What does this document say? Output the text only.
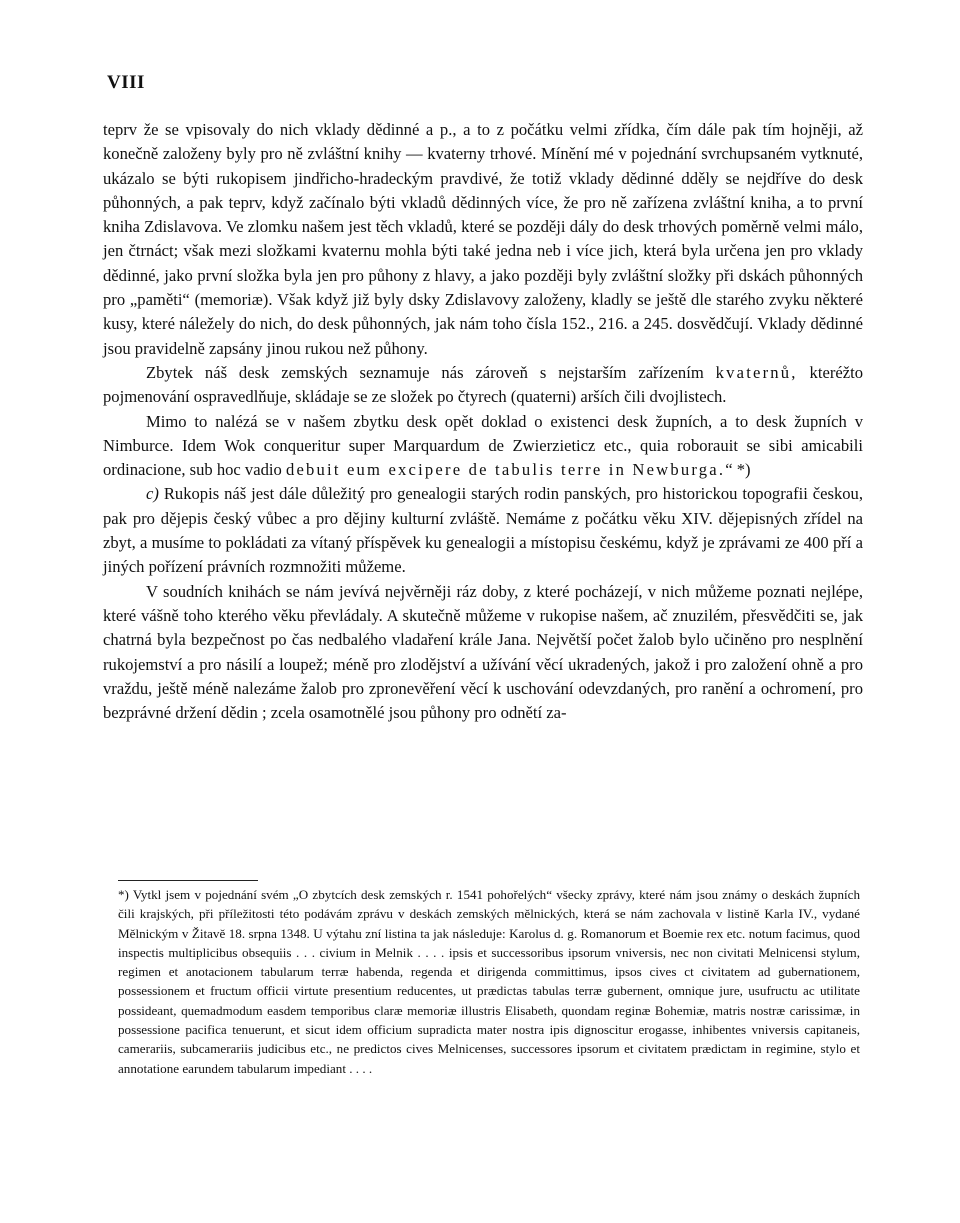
VIII

teprv že se vpisovaly do nich vklady dědinné a p., a to z počátku velmi zřídka, čím dále pak tím hojněji, až konečně založeny byly pro ně zvláštní knihy — kvaterny trhové. Mínění mé v pojednání svrchupsaném vytknuté, ukázalo se býti rukopisem jindřicho-hradeckým pravdivé, že totiž vklady dědinné dděly se nejdříve do desk půhonných, a pak teprv, když začínalo býti vkladů dědinných více, že pro ně zařízena zvláštní kniha, a to první kniha Zdislavova. Ve zlomku našem jest těch vkladů, které se později dály do desk trhových poměrně velmi málo, jen čtrnáct; však mezi složkami kvaternu mohla býti také jedna neb i více jich, která byla určena jen pro vklady dědinné, jako první složka byla jen pro půhony z hlavy, a jako později byly zvláštní složky při dskách půhonných pro „paměti“ (memoriæ). Však když již byly dsky Zdislavovy založeny, kladly se ještě dle starého zvyku některé kusy, které náležely do nich, do desk půhonných, jak nám toho čísla 152., 216. a 245. dosvědčují. Vklady dědinné jsou pravidelně zapsány jinou rukou než půhony.

Zbytek náš desk zemských seznamuje nás zároveň s nejstarším zařízením kvaternů, kteréžto pojmenování ospravedlňuje, skládaje se ze složek po čtyrech (quaterni) arších čili dvojlistech.

Mimo to nalézá se v našem zbytku desk opět doklad o existenci desk župních, a to desk župních v Nimburce. Idem Wok conqueritur super Marquardum de Zwierzieticz etc., quia roborauit se sibi amicabili ordinacione, sub hoc vadio debuit eum excipere de tabulis terre in Newburga.“ *)

c) Rukopis náš jest dále důležitý pro genealogii starých rodin panských, pro historickou topografii českou, pak pro dějepis český vůbec a pro dějiny kulturní zvláště. Nemáme z počátku věku XIV. dějepisných zřídel na zbyt, a musíme to pokládati za vítaný příspěvek ku genealogii a místopisu českému, když je zprávami ze 400 pří a jiných pořízení právních rozmnožiti můžeme.

V soudních knihách se nám jevívá nejvěrněji ráz doby, z které pocházejí, v nich můžeme poznati nejlépe, které vášně toho kterého věku převládaly. A skutečně můžeme v rukopise našem, ač znuzilém, přesvědčiti se, jak chatrná byla bezpečnost po čas nedbalého vladaření krále Jana. Největší počet žalob bylo učiněno pro nesplnění rukojemství a pro násilí a loupež; méně pro zlodějství a užívání věcí ukradených, jakož i pro založení ohně a pro vraždu, ještě méně nalezáme žalob pro zpronevěření věcí k uschování odevzdaných, pro ranění a ochromení, pro bezprávné držení dědin ; zcela osamotnělé jsou půhony pro odnětí za-

*) Vytkl jsem v pojednání svém „O zbytcích desk zemských r. 1541 pohořelých“ všecky zprávy, které nám jsou známy o deskách župních čili krajských, při příležitosti této podávám zprávu v deskách zemských mělnických, která se nám zachovala v listině Karla IV., vydané Mělnickým v Žitavě 18. srpna 1348. U výtahu zní listina ta jak následuje: Karolus d. g. Romanorum et Boemie rex etc. notum facimus, quod inspectis multiplicibus obsequiis . . . civium in Melnik . . . . ipsis et successoribus ipsorum vniversis, nec non civitati Melnicensi stylum, regimen et anotacionem tabularum terræ habenda, regenda et dirigenda committimus, ipsos cives ct civitatem ad gubernationem, possessionem et fructum officii virtute presentium reducentes, ut prædictas tabulas terræ gubernent, omnique jure, usufructu ac utilitate possideant, quemadmodum easdem temporibus claræ memoriæ illustris Elisabeth, quondam reginæ Bohemiæ, matris nostræ carissimæ, in possessione pacifica tenuerunt, et sicut idem officium supradicta mater nostra ipis dignoscitur erogasse, inhibentes vniversis capitaneis, camerariis, subcamerariis judicibus etc., ne predictos cives Melnicenses, successores ipsorum et civitatem prædictam in regimine, stylo et annotatione earundem tabularum impediant . . . .
